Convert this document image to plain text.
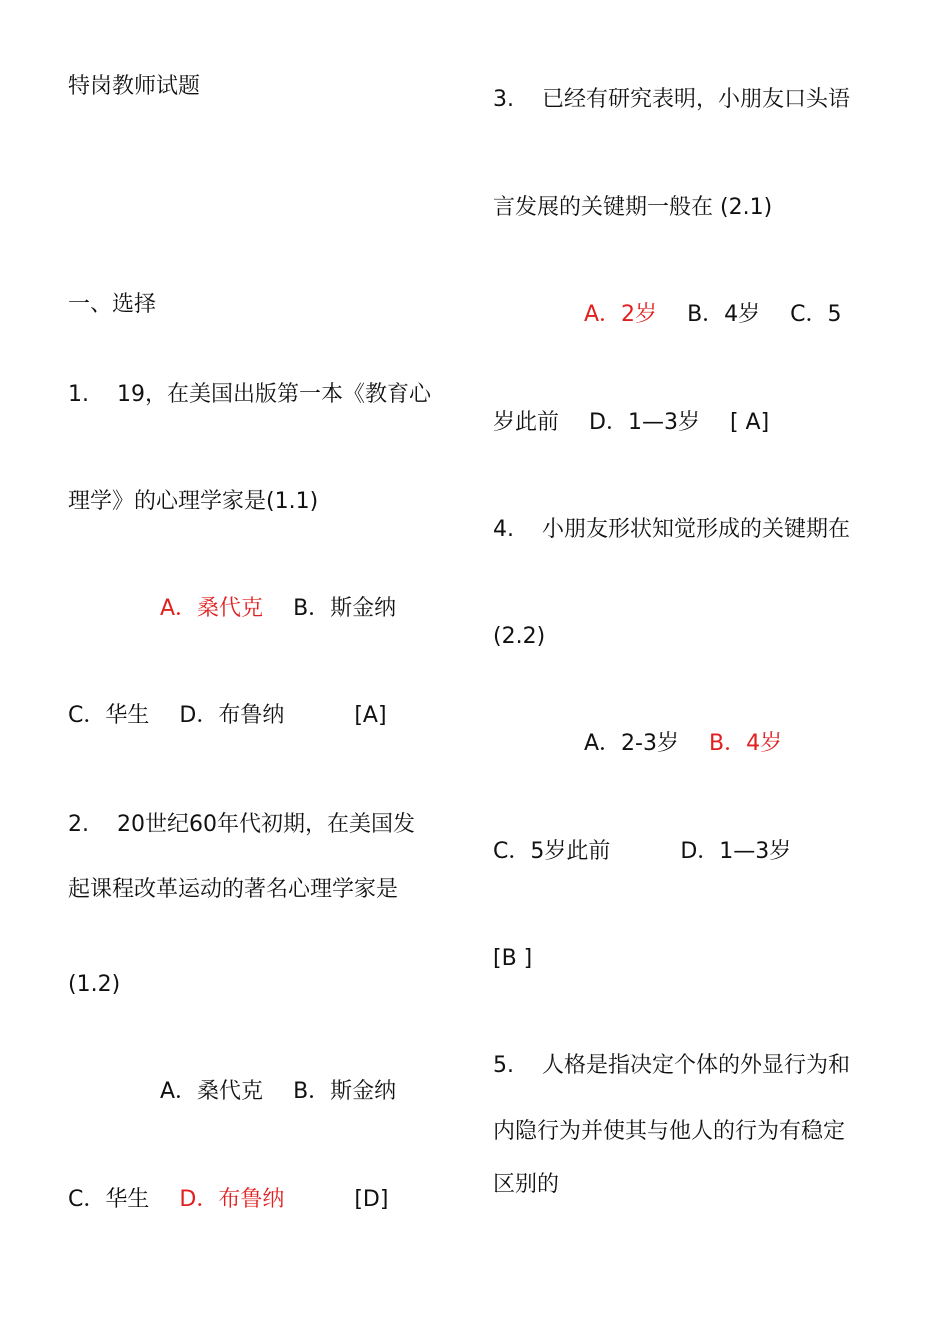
特岗教师试题
一、选择
1.    19，在美国出版第一本《教育心
理学》的心理学家是(1.1)
A．桑代克 B．斯金纳
C．华生 D．布鲁纳	[A]
2.    20世纪60年代初期，在美国发
起课程改革运动的著名心理学家是
(1.2)
A．桑代克 B．斯金纳
C．华生 D．布鲁纳	[D]
3.    已经有研究表明，小朋友口头语
言发展的关键期一般在 (2.1)
A．2岁 B．4岁 C．5
岁此前 D．1—3岁 [ A]
4.    小朋友形状知觉形成的关键期在
(2.2)
A．2-3岁 B．4岁
C．5岁此前	D．1—3岁
[B ]
5.    人格是指决定个体的外显行为和
内隐行为并使其与他人的行为有稳定
区别的
